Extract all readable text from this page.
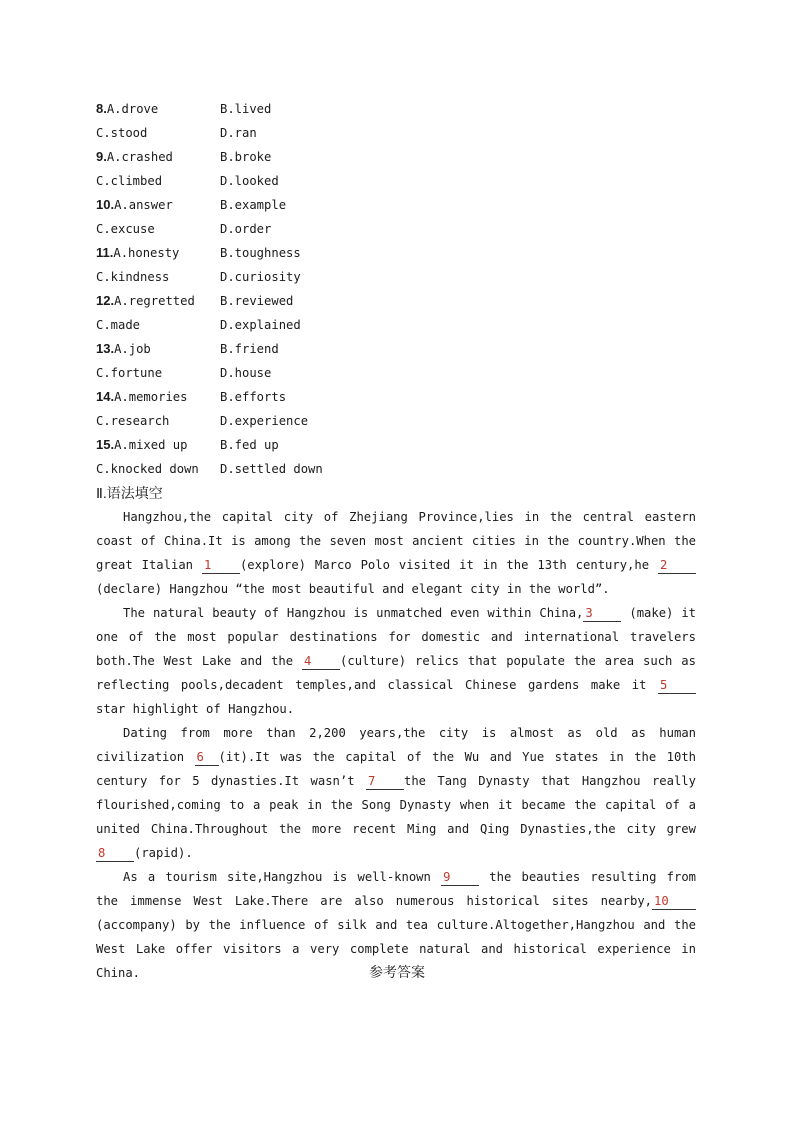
8.A.drove	B.lived
C.stood	D.ran
9.A.crashed	B.broke
C.climbed	D.looked
10.A.answer	B.example
C.excuse	D.order
11.A.honesty	B.toughness
C.kindness	D.curiosity
12.A.regretted B.reviewed
C.made	D.explained
13.A.job	B.friend
C.fortune	D.house
14.A.memories	B.efforts
C.research	D.experience
15.A.mixed up	B.fed up
C.knocked down D.settled down
Ⅱ.语法填空
Hangzhou,the capital city of Zhejiang Province,lies in the central eastern coast of China.It is among the seven most ancient cities in the country.When the great Italian 1 (explore) Marco Polo visited it in the 13th century,he 2(declare) Hangzhou “the most beautiful and elegant city in the world”.
The natural beauty of Hangzhou is unmatched even within China, 3 (make) it one of the most popular destinations for domestic and international travelers both.The West Lake and the 4 (culture) relics that populate the area such as reflecting pools,decadent temples,and classical Chinese gardens make it 5 star highlight of Hangzhou.
Dating from more than 2,200 years,the city is almost as old as human civilization 6 (it).It was the capital of the Wu and Yue states in the 10th century for 5 dynasties.It wasn’t 7 the Tang Dynasty that Hangzhou really flourished,coming to a peak in the Song Dynasty when it became the capital of a united China.Throughout the more recent Ming and Qing Dynasties,the city grew 8 (rapid).
As a tourism site,Hangzhou is well-known 9 the beauties resulting from the immense West Lake.There are also numerous historical sites nearby, 10(accompany) by the influence of silk and tea culture.Altogether,Hangzhou and the West Lake offer visitors a very complete natural and historical experience in China.	参考答案
